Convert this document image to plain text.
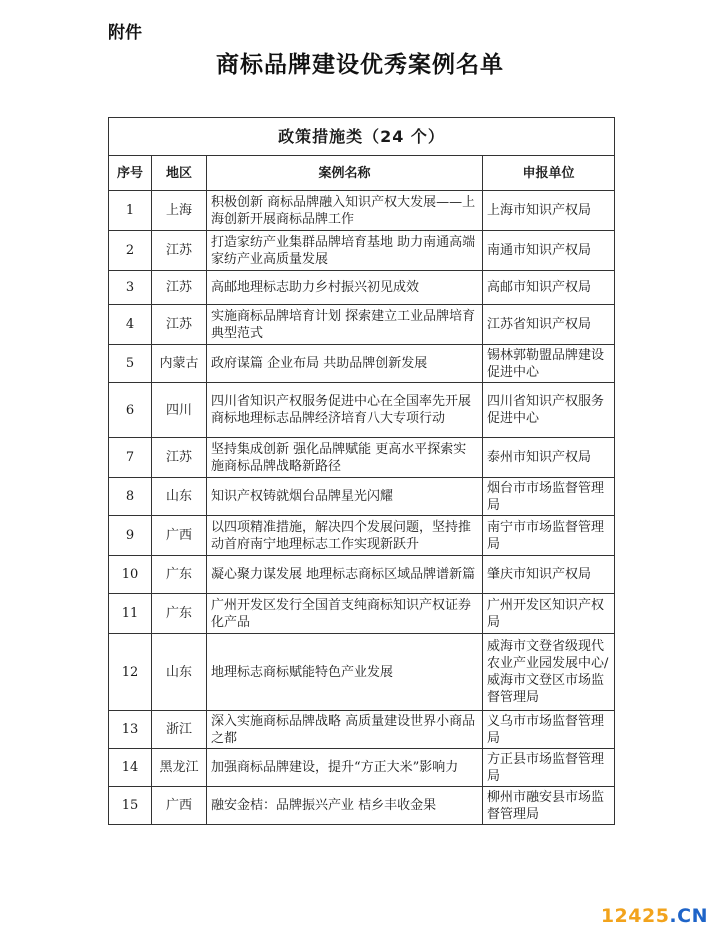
附件
商标品牌建设优秀案例名单
政策措施类（24 个）			
序号	地区	案例名称	申报单位
1	上海	积极创新 商标品牌融入知识产权大发展——上海创新开展商标品牌工作	上海市知识产权局
2	江苏	打造家纺产业集群品牌培育基地 助力南通高端家纺产业高质量发展	南通市知识产权局
3	江苏	高邮地理标志助力乡村振兴初见成效	高邮市知识产权局
4	江苏	实施商标品牌培育计划 探索建立工业品牌培育典型范式	江苏省知识产权局
5	内蒙古	政府谋篇 企业布局 共助品牌创新发展	锡林郭勒盟品牌建设促进中心
6	四川	四川省知识产权服务促进中心在全国率先开展商标地理标志品牌经济培育八大专项行动	四川省知识产权服务促进中心
7	江苏	坚持集成创新 强化品牌赋能 更高水平探索实施商标品牌战略新路径	泰州市知识产权局
8	山东	知识产权铸就烟台品牌星光闪耀	烟台市市场监督管理局
9	广西	以四项精准措施，解决四个发展问题，坚持推动首府南宁地理标志工作实现新跃升	南宁市市场监督管理局
10	广东	凝心聚力谋发展 地理标志商标区域品牌谱新篇	肇庆市知识产权局
11	广东	广州开发区发行全国首支纯商标知识产权证券化产品	广州开发区知识产权局
12	山东	地理标志商标赋能特色产业发展	威海市文登省级现代农业产业园发展中心/威海市文登区市场监督管理局
13	浙江	深入实施商标品牌战略 高质量建设世界小商品之都	义乌市市场监督管理局
14	黑龙江	加强商标品牌建设，提升“方正大米”影响力	方正县市场监督管理局
15	广西	融安金桔：品牌振兴产业 桔乡丰收金果	柳州市融安县市场监督管理局
12425.CN
